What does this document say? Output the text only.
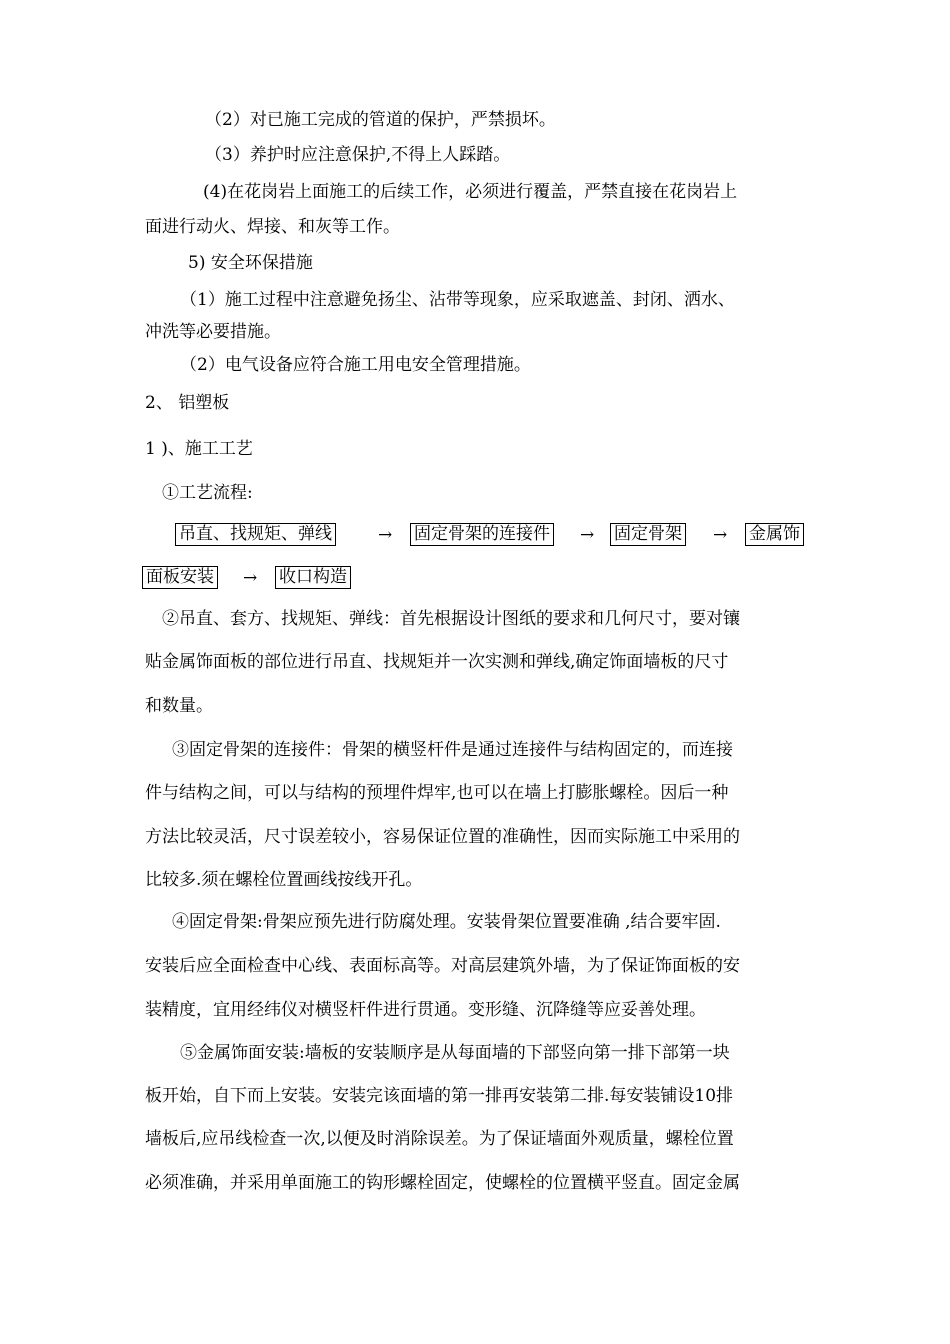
（2）对已施工完成的管道的保护，严禁损坏。
（3）养护时应注意保护,不得上人踩踏。
(4)在花岗岩上面施工的后续工作，必须进行覆盖，严禁直接在花岗岩上
面进行动火、焊接、和灰等工作。
5) 安全环保措施
（1）施工过程中注意避免扬尘、沾带等现象，应采取遮盖、封闭、洒水、
冲洗等必要措施。
（2）电气设备应符合施工用电安全管理措施。
2、 铝塑板
1 )、施工工艺
①工艺流程:
吊直、找规矩、弹线	→ 固定骨架的连接件 → 固定骨架 → 金属饰
面板安装 → 收口构造
②吊直、套方、找规矩、弹线：首先根据设计图纸的要求和几何尺寸，要对镶
贴金属饰面板的部位进行吊直、找规矩并一次实测和弹线,确定饰面墙板的尺寸
和数量。
③固定骨架的连接件：骨架的横竖杆件是通过连接件与结构固定的，而连接
件与结构之间，可以与结构的预埋件焊牢,也可以在墙上打膨胀螺栓。因后一种
方法比较灵活，尺寸误差较小，容易保证位置的准确性，因而实际施工中采用的
比较多.须在螺栓位置画线按线开孔。
④固定骨架:骨架应预先进行防腐处理。安装骨架位置要准确 ,结合要牢固.
安装后应全面检查中心线、表面标高等。对高层建筑外墙，为了保证饰面板的安
装精度，宜用经纬仪对横竖杆件进行贯通。变形缝、沉降缝等应妥善处理。
⑤金属饰面安装:墙板的安装顺序是从每面墙的下部竖向第一排下部第一块
板开始，自下而上安装。安装完该面墙的第一排再安装第二排.每安装铺设10排
墙板后,应吊线检查一次,以便及时消除误差。为了保证墙面外观质量，螺栓位置
必须准确，并采用单面施工的钩形螺栓固定，使螺栓的位置横平竖直。固定金属
